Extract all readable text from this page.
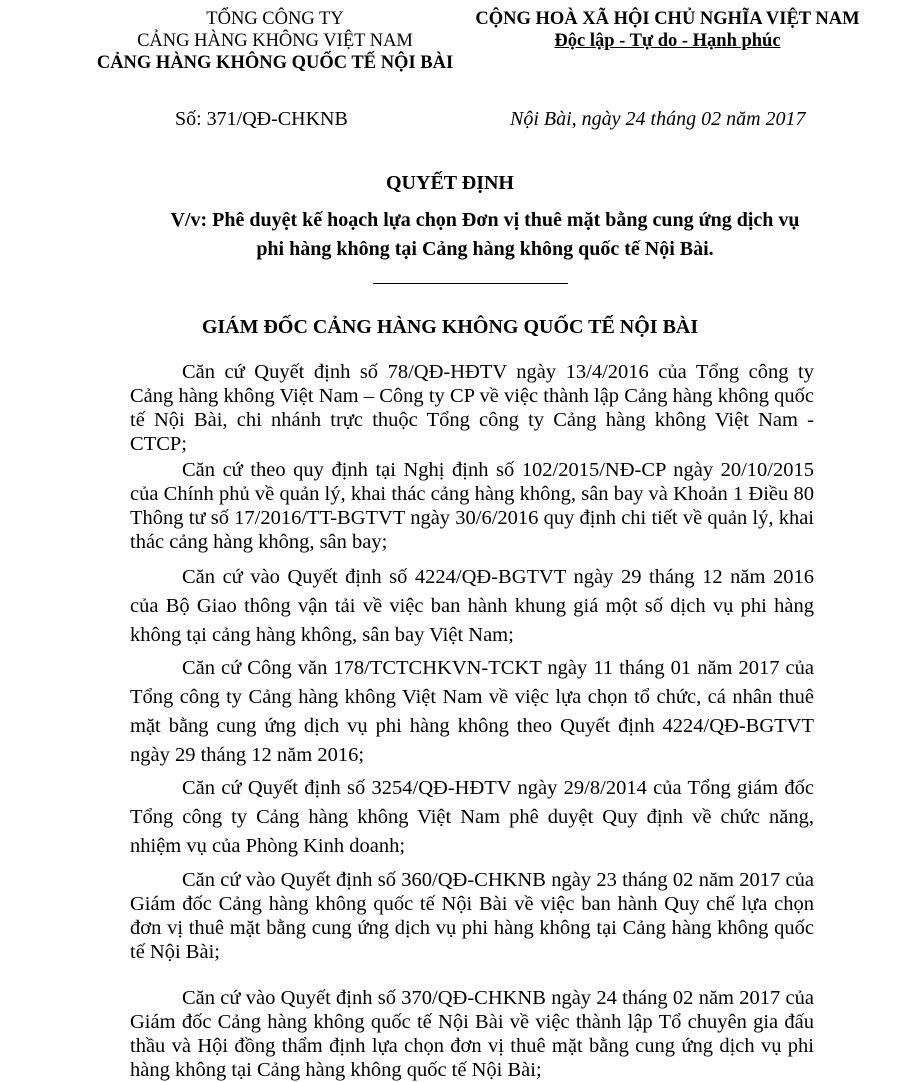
TỔNG CÔNG TY
CẢNG HÀNG KHÔNG VIỆT NAM
CẢNG HÀNG KHÔNG QUỐC TẾ NỘI BÀI
CỘNG HOÀ XÃ HỘI CHỦ NGHĨA VIỆT NAM
Độc lập - Tự do - Hạnh phúc
Số: 371/QĐ-CHKNB	Nội Bài, ngày 24 tháng 02 năm 2017
QUYẾT ĐỊNH
V/v: Phê duyệt kế hoạch lựa chọn Đơn vị thuê mặt bằng cung ứng dịch vụ
phi hàng không tại Cảng hàng không quốc tế Nội Bài.
GIÁM ĐỐC CẢNG HÀNG KHÔNG QUỐC TẾ NỘI BÀI

Căn cứ Quyết định số 78/QĐ-HĐTV ngày 13/4/2016 của Tổng công ty Cảng hàng không Việt Nam – Công ty CP về việc thành lập Cảng hàng không quốc tế Nội Bài, chi nhánh trực thuộc Tổng công ty Cảng hàng không Việt Nam - CTCP;

Căn cứ theo quy định tại Nghị định số 102/2015/NĐ-CP ngày 20/10/2015 của Chính phủ về quản lý, khai thác cảng hàng không, sân bay và Khoản 1 Điều 80 Thông tư số 17/2016/TT-BGTVT ngày 30/6/2016 quy định chi tiết về quản lý, khai thác cảng hàng không, sân bay;

Căn cứ vào Quyết định số 4224/QĐ-BGTVT ngày 29 tháng 12 năm 2016 của Bộ Giao thông vận tải về việc ban hành khung giá một số dịch vụ phi hàng không tại cảng hàng không, sân bay Việt Nam;

Căn cứ Công văn 178/TCTCHKVN-TCKT ngày 11 tháng 01 năm 2017 của Tổng công ty Cảng hàng không Việt Nam về việc lựa chọn tổ chức, cá nhân thuê mặt bằng cung ứng dịch vụ phi hàng không theo Quyết định 4224/QĐ-BGTVT ngày 29 tháng 12 năm 2016;

Căn cứ Quyết định số 3254/QĐ-HĐTV ngày 29/8/2014 của Tổng giám đốc Tổng công ty Cảng hàng không Việt Nam phê duyệt Quy định về chức năng, nhiệm vụ của Phòng Kinh doanh;

Căn cứ vào Quyết định số 360/QĐ-CHKNB ngày 23 tháng 02 năm 2017 của Giám đốc Cảng hàng không quốc tế Nội Bài về việc ban hành Quy chế lựa chọn đơn vị thuê mặt bằng cung ứng dịch vụ phi hàng không tại Cảng hàng không quốc tế Nội Bài;

Căn cứ vào Quyết định số 370/QĐ-CHKNB ngày 24 tháng 02 năm 2017 của Giám đốc Cảng hàng không quốc tế Nội Bài về việc thành lập Tổ chuyên gia đấu thầu và Hội đồng thẩm định lựa chọn đơn vị thuê mặt bằng cung ứng dịch vụ phi hàng không tại Cảng hàng không quốc tế Nội Bài;
